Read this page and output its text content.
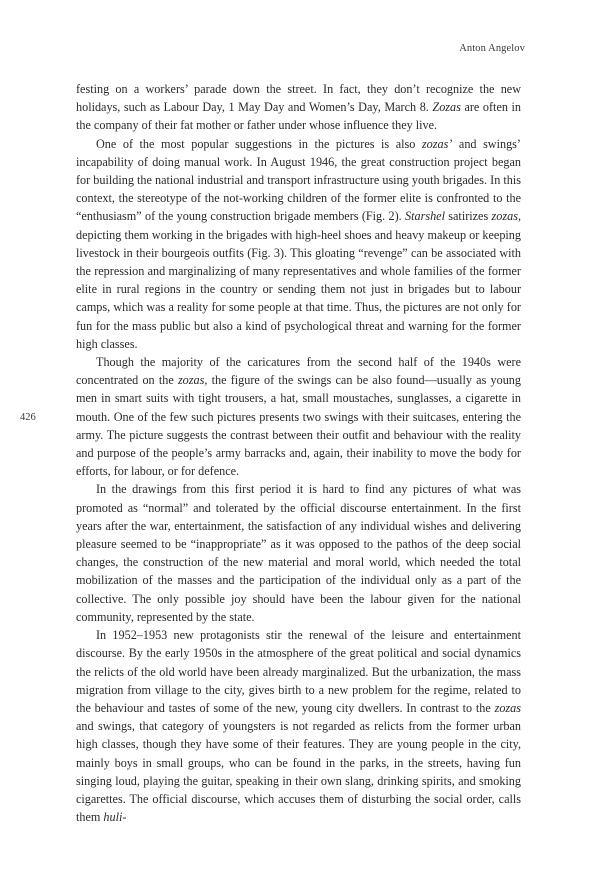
Anton Angelov
426

festing on a workers’ parade down the street. In fact, they don’t recognize the new holidays, such as Labour Day, 1 May Day and Women’s Day, March 8. Zozas are often in the company of their fat mother or father under whose influence they live.

One of the most popular suggestions in the pictures is also zozas’ and swings’ incapability of doing manual work. In August 1946, the great construction project began for building the national industrial and transport infrastructure using youth brigades. In this context, the stereotype of the not-working children of the former elite is confronted to the “enthusiasm” of the young construction brigade members (Fig. 2). Starshel satirizes zozas, depicting them working in the brigades with high-heel shoes and heavy makeup or keeping livestock in their bourgeois outfits (Fig. 3). This gloating “revenge” can be associated with the repression and marginalizing of many representatives and whole families of the former elite in rural regions in the country or sending them not just in brigades but to labour camps, which was a reality for some people at that time. Thus, the pictures are not only for fun for the mass public but also a kind of psychological threat and warning for the former high classes.

Though the majority of the caricatures from the second half of the 1940s were concentrated on the zozas, the figure of the swings can be also found—usually as young men in smart suits with tight trousers, a hat, small moustaches, sunglasses, a cigarette in mouth. One of the few such pictures presents two swings with their suitcases, entering the army. The picture suggests the contrast between their outfit and behaviour with the reality and purpose of the people’s army barracks and, again, their inability to move the body for efforts, for labour, or for defence.

In the drawings from this first period it is hard to find any pictures of what was promoted as “normal” and tolerated by the official discourse entertainment. In the first years after the war, entertainment, the satisfaction of any individual wishes and delivering pleasure seemed to be “inappropriate” as it was opposed to the pathos of the deep social changes, the construction of the new material and moral world, which needed the total mobilization of the masses and the participation of the individual only as a part of the collective. The only possible joy should have been the labour given for the national community, represented by the state.

In 1952–1953 new protagonists stir the renewal of the leisure and entertainment discourse. By the early 1950s in the atmosphere of the great political and social dynamics the relicts of the old world have been already marginalized. But the urbanization, the mass migration from village to the city, gives birth to a new problem for the regime, related to the behaviour and tastes of some of the new, young city dwellers. In contrast to the zozas and swings, that category of youngsters is not regarded as relicts from the former urban high classes, though they have some of their features. They are young people in the city, mainly boys in small groups, who can be found in the parks, in the streets, having fun singing loud, playing the guitar, speaking in their own slang, drinking spirits, and smoking cigarettes. The official discourse, which accuses them of disturbing the social order, calls them huli-
